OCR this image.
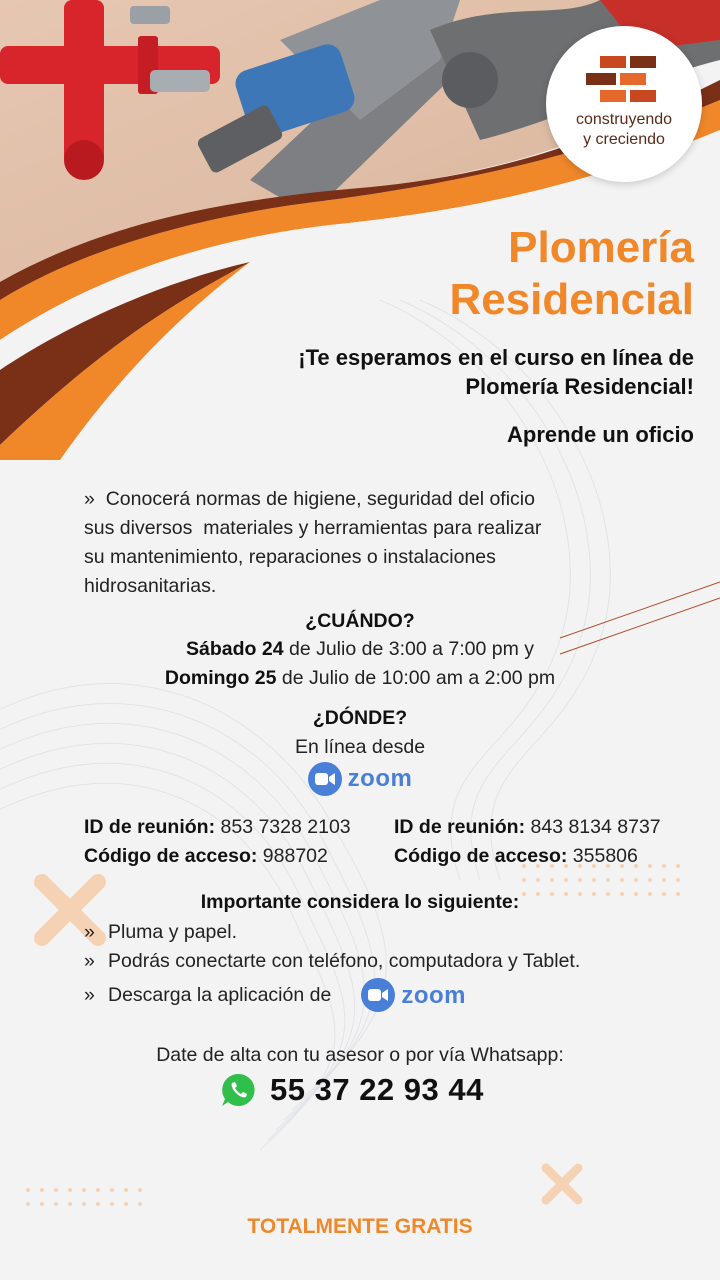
construyendo
y creciendo
Plomería
Residencial
¡Te esperamos en el curso en línea de
Plomería Residencial!
Aprende un oficio
» Conocerá normas de higiene, seguridad del oficio
sus diversos  materiales y herramientas para realizar
su mantenimiento, reparaciones o instalaciones
hidrosanitarias.
¿CUÁNDO?
Sábado 24 de Julio de 3:00 a 7:00 pm y
Domingo 25 de Julio de 10:00 am a 2:00 pm
¿DÓNDE?
En línea desde
zoom
ID de reunión: 853 7328 2103
Código de acceso: 988702
ID de reunión: 843 8134 8737
Código de acceso: 355806
Importante considera lo siguiente:
» Pluma y papel.
» Podrás conectarte con teléfono, computadora y Tablet.
» Descarga la aplicación de	zoom
Date de alta con tu asesor o por vía Whatsapp:
55 37 22 93 44
TOTALMENTE GRATIS
